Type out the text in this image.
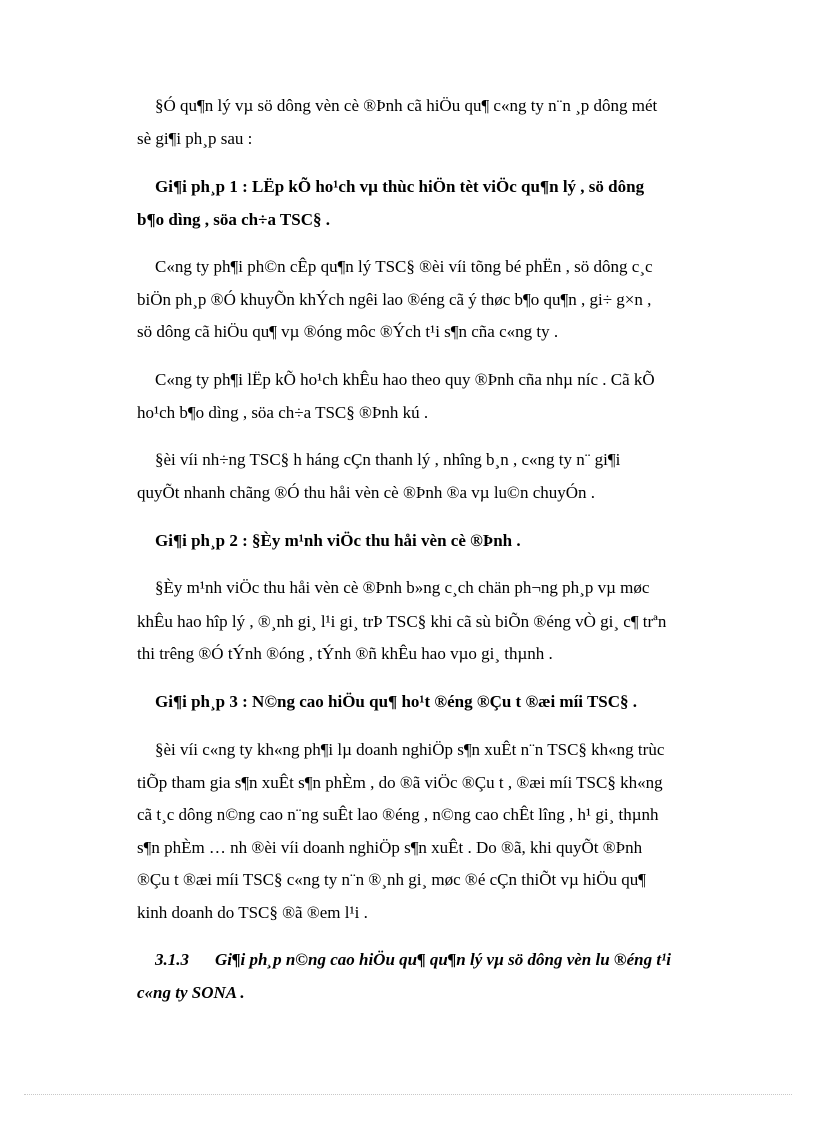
§Ó qu¶n lý vµ sö dông vèn cè ®Þnh cã hiÖu qu¶ c«ng ty n¨n ¸p dông mét
sè gi¶i ph¸p sau :
Gi¶i ph¸p 1 : LËp kÕ ho¹ch vµ thùc hiÖn tèt viÖc qu¶n lý , sö dông
b¶o dìng , söa ch÷a TSC§ .
C«ng ty ph¶i ph©n cÊp qu¶n lý TSC§ ®èi víi tõng bé phËn , sö dông c¸c
biÖn ph¸p ®Ó khuyÕn khÝch ngêi lao ®éng cã ý thøc b¶o qu¶n , gi÷ g×n ,
sö dông cã hiÖu qu¶ vµ ®óng môc ®Ých t¹i s¶n cña c«ng ty .
C«ng ty ph¶i lËp kÕ ho¹ch khÊu hao theo quy ®Þnh cña nhµ níc . Cã kÕ
ho¹ch b¶o dìng , söa ch÷a TSC§ ®Þnh kú .
§èi víi nh÷ng TSC§ h háng cÇn thanh lý , nhîng b¸n , c«ng ty n¨ gi¶i
quyÕt nhanh chãng ®Ó thu håi vèn cè ®Þnh ®a vµ lu©n chuyÓn .
Gi¶i ph¸p 2 : §Èy m¹nh viÖc thu håi vèn cè ®Þnh .
§Èy m¹nh viÖc thu håi vèn cè ®Þnh b»ng c¸ch chän ph¬ng ph¸p vµ møc
khÊu hao hîp lý , ®¸nh gi¸ l¹i gi¸ trÞ TSC§ khi cã sù biÕn ®éng vÒ gi¸ c¶ trªn
thi trêng ®Ó tÝnh ®óng , tÝnh ®ñ khÊu hao vµo gi¸ thµnh .
Gi¶i ph¸p 3 : N©ng cao hiÖu qu¶ ho¹t ®éng ®Çu t ®æi míi TSC§ .
§èi víi c«ng ty kh«ng ph¶i lµ doanh nghiÖp s¶n xuÊt n¨n TSC§ kh«ng trùc
tiÕp tham gia s¶n xuÊt s¶n phÈm , do ®ã viÖc ®Çu t , ®æi míi TSC§ kh«ng
cã t¸c dông n©ng cao n¨ng suÊt lao ®éng , n©ng cao chÊt lîng , h¹ gi¸ thµnh
s¶n phÈm … nh ®èi víi doanh nghiÖp s¶n xuÊt . Do ®ã, khi quyÕt ®Þnh
®Çu t ®æi míi TSC§ c«ng ty n¨n ®¸nh gi¸ møc ®é cÇn thiÕt vµ hiÖu qu¶
kinh doanh do TSC§ ®ã ®em l¹i .
3.1.3 Gi¶i ph¸p n©ng cao hiÖu qu¶ qu¶n lý vµ sö dông vèn lu ®éng t¹i
c«ng ty SONA .
